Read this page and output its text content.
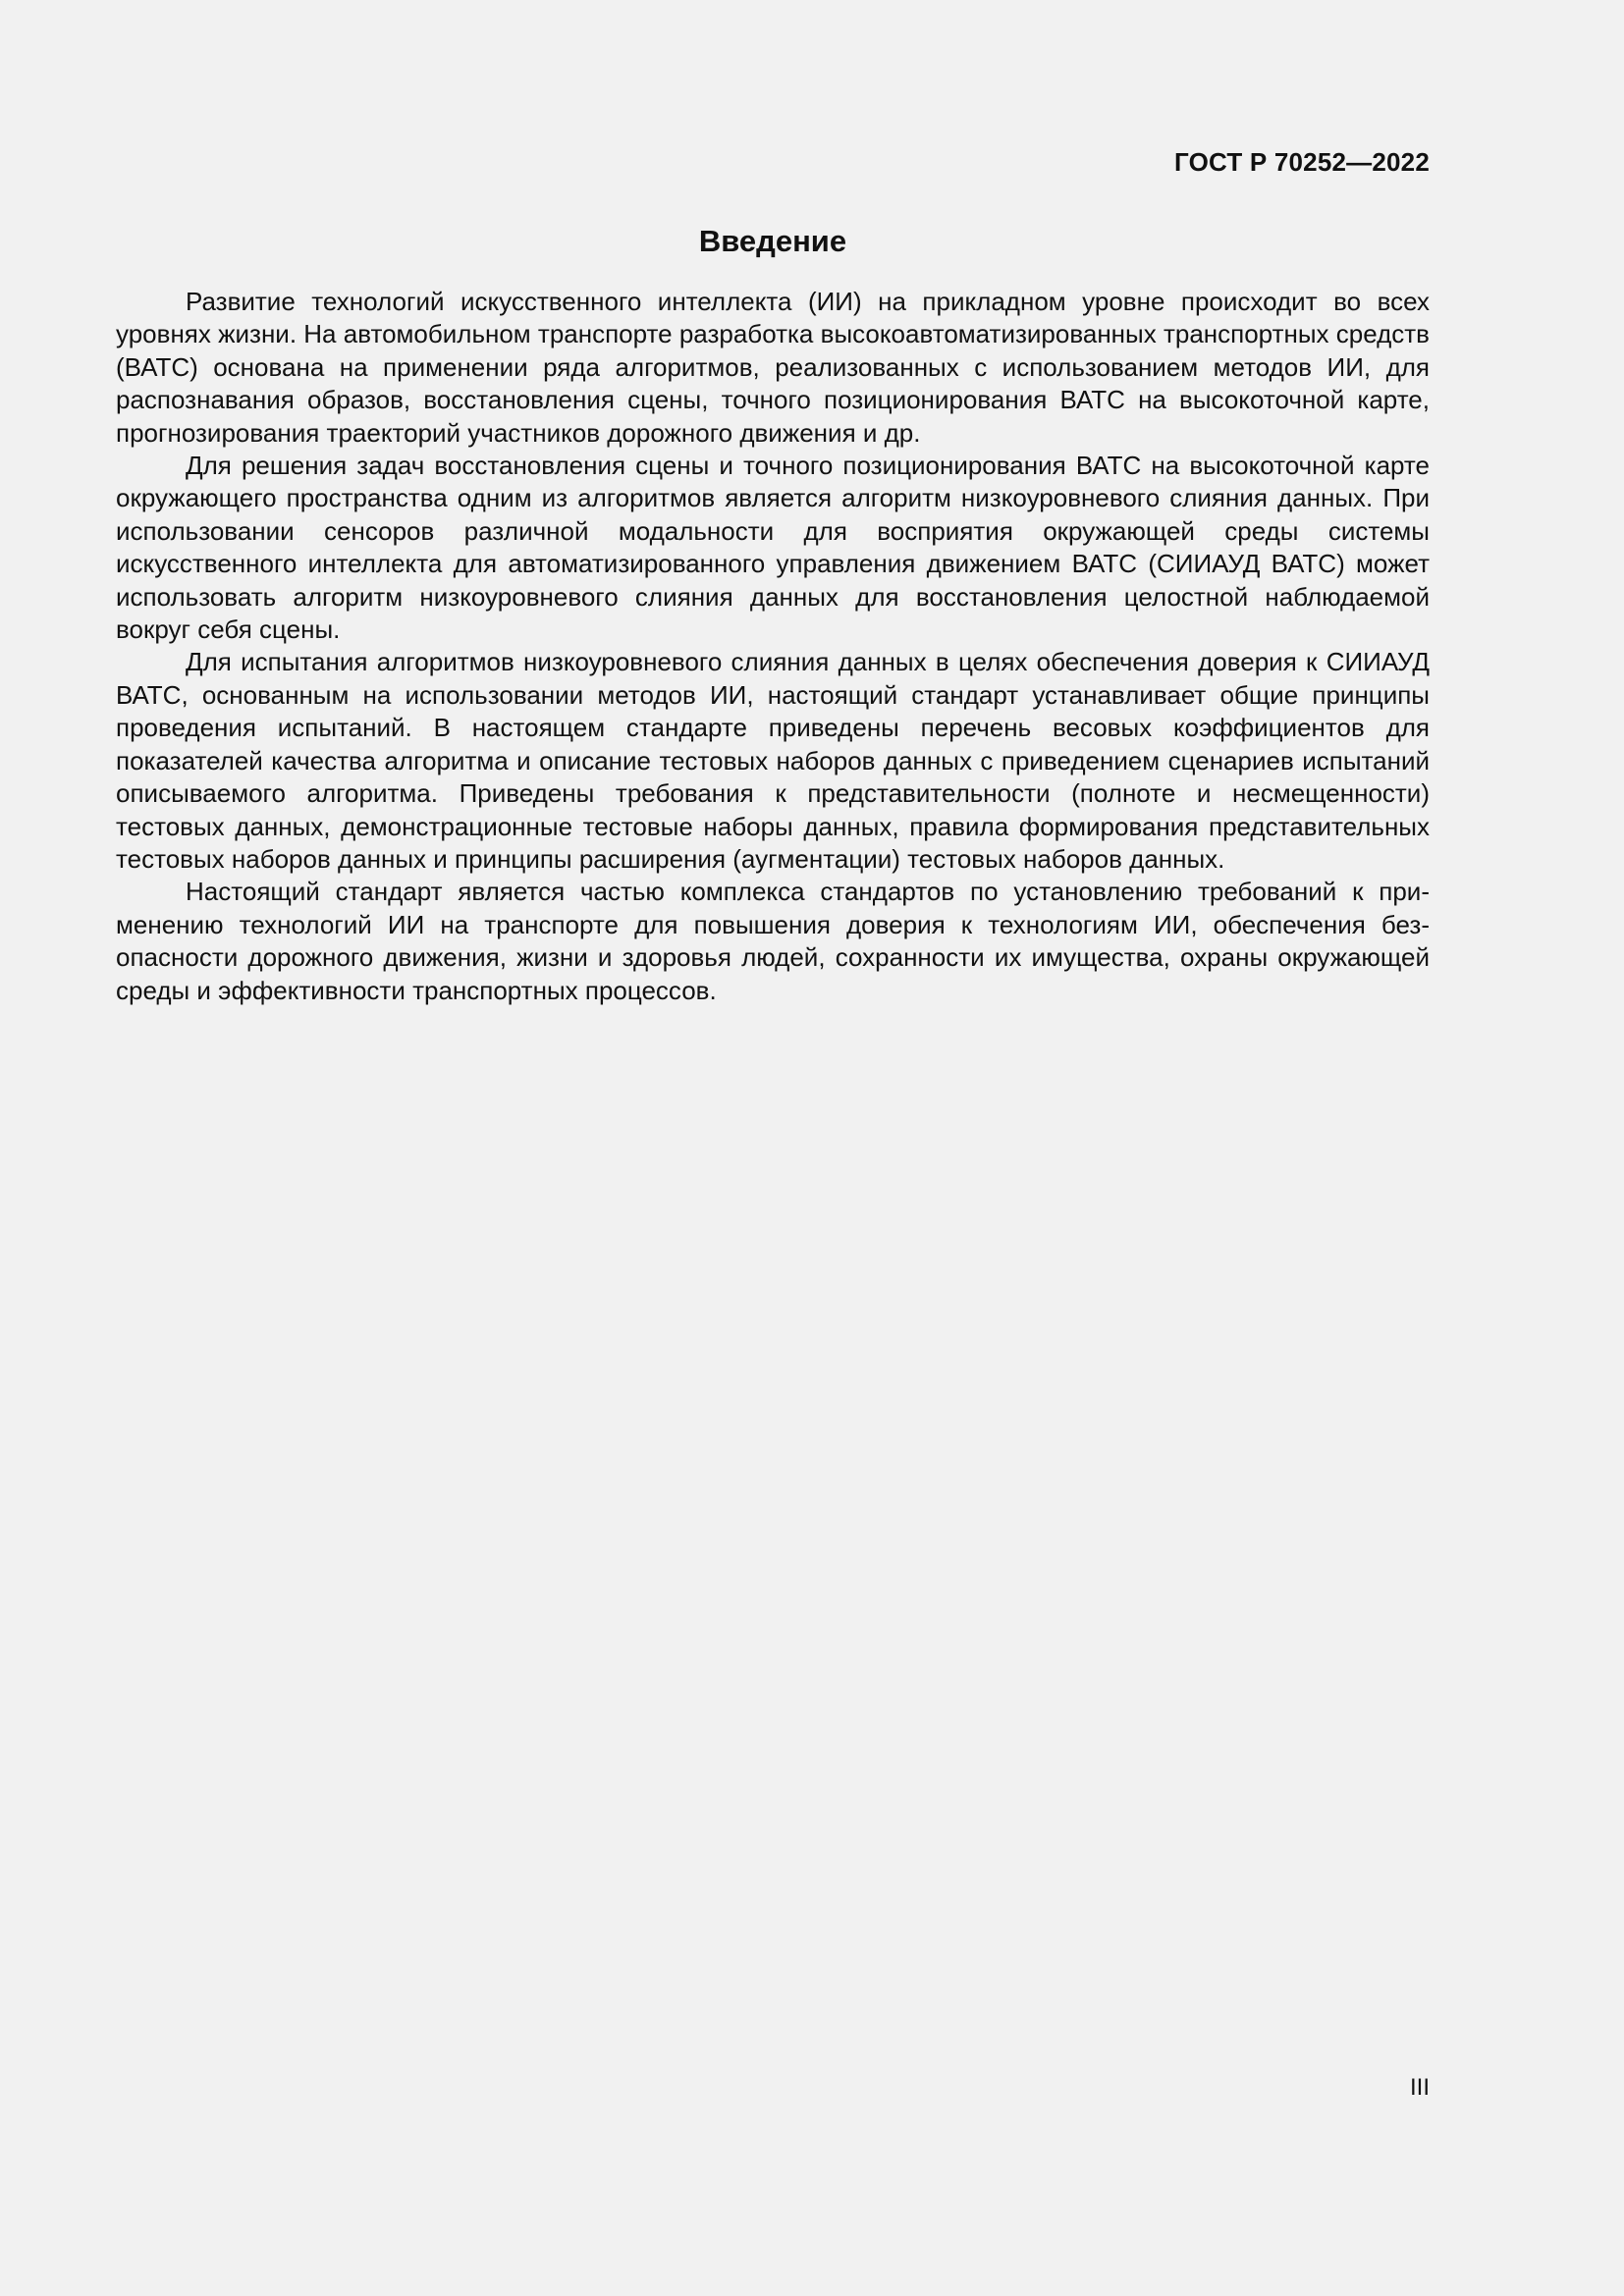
ГОСТ Р 70252—2022
Введение

Развитие технологий искусственного интеллекта (ИИ) на прикладном уровне происходит во всех уровнях жизни. На автомобильном транспорте разработка высокоавтоматизированных транспортных средств (ВАТС) основана на применении ряда алгоритмов, реализованных с использованием методов ИИ, для распознавания образов, восстановления сцены, точного позиционирования ВАТС на высокоточной карте, прогнозирования траекторий участников дорожного движения и др.

Для решения задач восстановления сцены и точного позиционирования ВАТС на высокоточной карте окружающего пространства одним из алгоритмов является алгоритм низкоуровневого слияния данных. При использовании сенсоров различной модальности для восприятия окружающей среды системы искусственного интеллекта для автоматизированного управления движением ВАТС (СИИАУД ВАТС) может использовать алгоритм низкоуровневого слияния данных для восстановления целостной наблюдаемой вокруг себя сцены.

Для испытания алгоритмов низкоуровневого слияния данных в целях обеспечения доверия к СИИАУД ВАТС, основанным на использовании методов ИИ, настоящий стандарт устанавливает общие принципы проведения испытаний. В настоящем стандарте приведены перечень весовых коэффициентов для показателей качества алгоритма и описание тестовых наборов данных с приведением сценариев испытаний описываемого алгоритма. Приведены требования к представительности (полноте и несмещенности) тестовых данных, демонстрационные тестовые наборы данных, правила формирования представительных тестовых наборов данных и принципы расширения (аугментации) тестовых наборов данных.

Настоящий стандарт является частью комплекса стандартов по установлению требований к применению технологий ИИ на транспорте для повышения доверия к технологиям ИИ, обеспечения безопасности дорожного движения, жизни и здоровья людей, сохранности их имущества, охраны окружающей среды и эффективности транспортных процессов.

III
